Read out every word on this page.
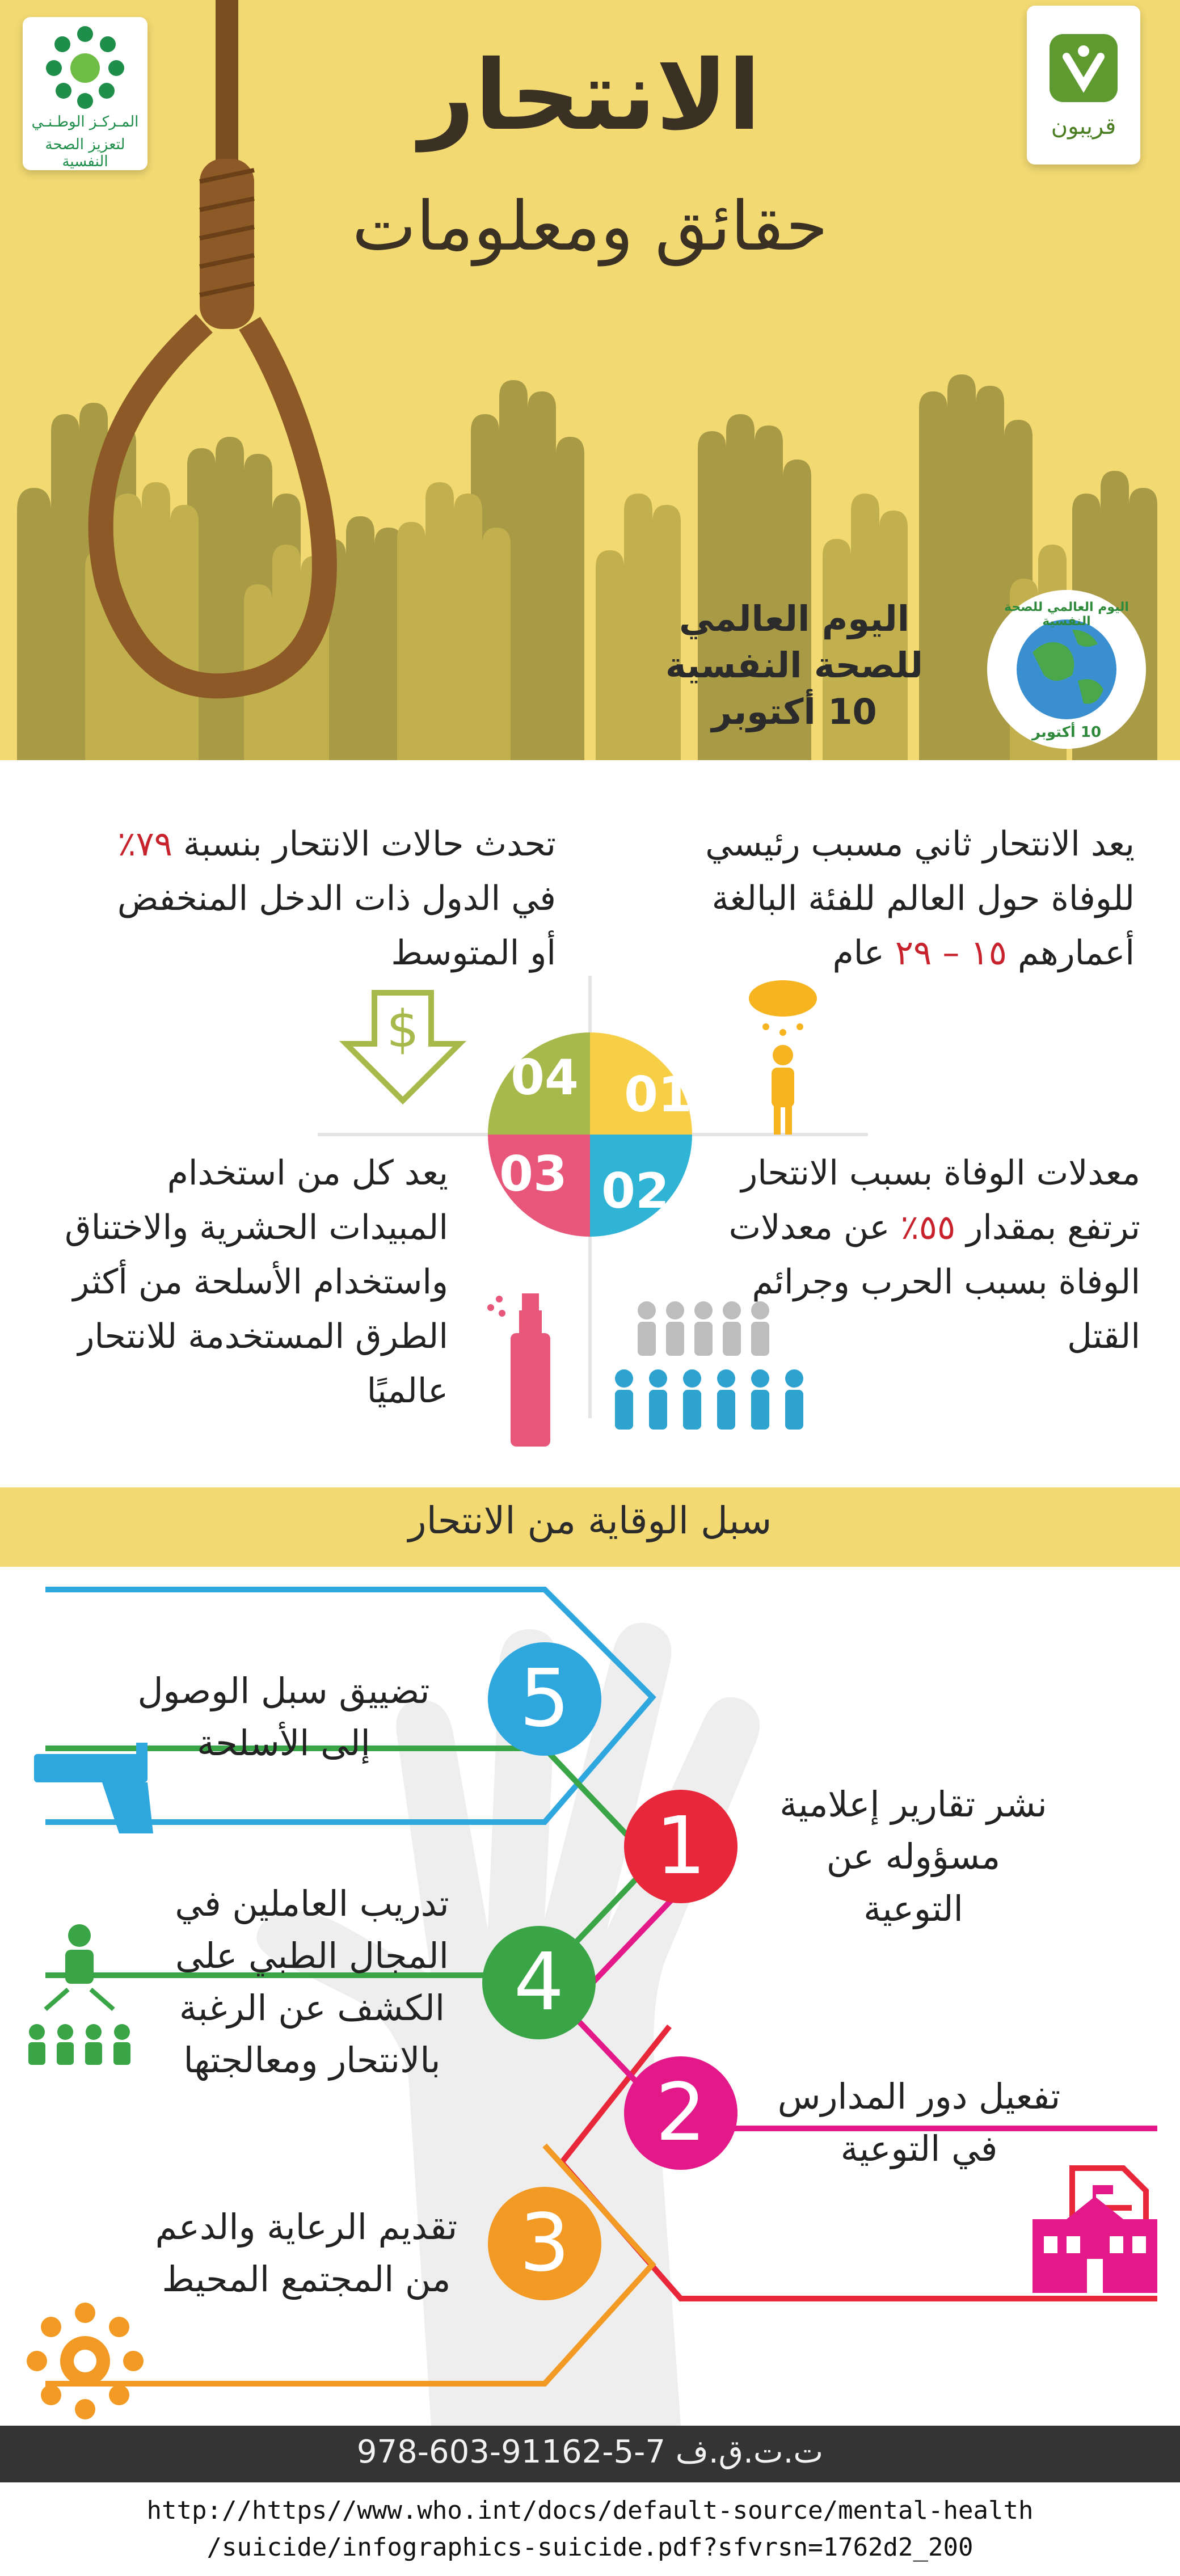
قريبون
المـركـز الوطـنـي
لتعزيز الصحة النفسية
الانتحار
حقائق ومعلومات
اليوم العالمي
للصحة النفسية
10 أكتوبر
اليوم العالمي للصحة النفسية
10 أكتوبر
$
01
02
03
04
يعد الانتحار ثاني مسبب رئيسي
للوفاة حول العالم للفئة البالغة
أعمارهم ١٥ – ٢٩ عام
تحدث حالات الانتحار بنسبة ٧٩٪
في الدول ذات الدخل المنخفض
أو المتوسط
معدلات الوفاة بسبب الانتحار
ترتفع بمقدار ٥٥٪ عن معدلات
الوفاة بسبب الحرب وجرائم
القتل
يعد كل من استخدام
المبيدات الحشرية والاختناق
واستخدام الأسلحة من أكثر
الطرق المستخدمة للانتحار
عالميًا
سبل الوقاية من الانتحار
5
1
4
2
3
تضييق سبل الوصول
إلى الأسلحة
نشر تقارير إعلامية
مسؤوله عن
التوعية
تدريب العاملين في
المجال الطبي على
الكشف عن الرغبة
بالانتحار ومعالجتها
تفعيل دور المدارس
في التوعية
تقديم الرعاية والدعم
من المجتمع المحيط
ت.ت.ق.ف 7-5-91162-603-978
http://https//www.who.int/docs/default-source/mental-health
/suicide/infographics-suicide.pdf?sfvrsn=1762d2_200
